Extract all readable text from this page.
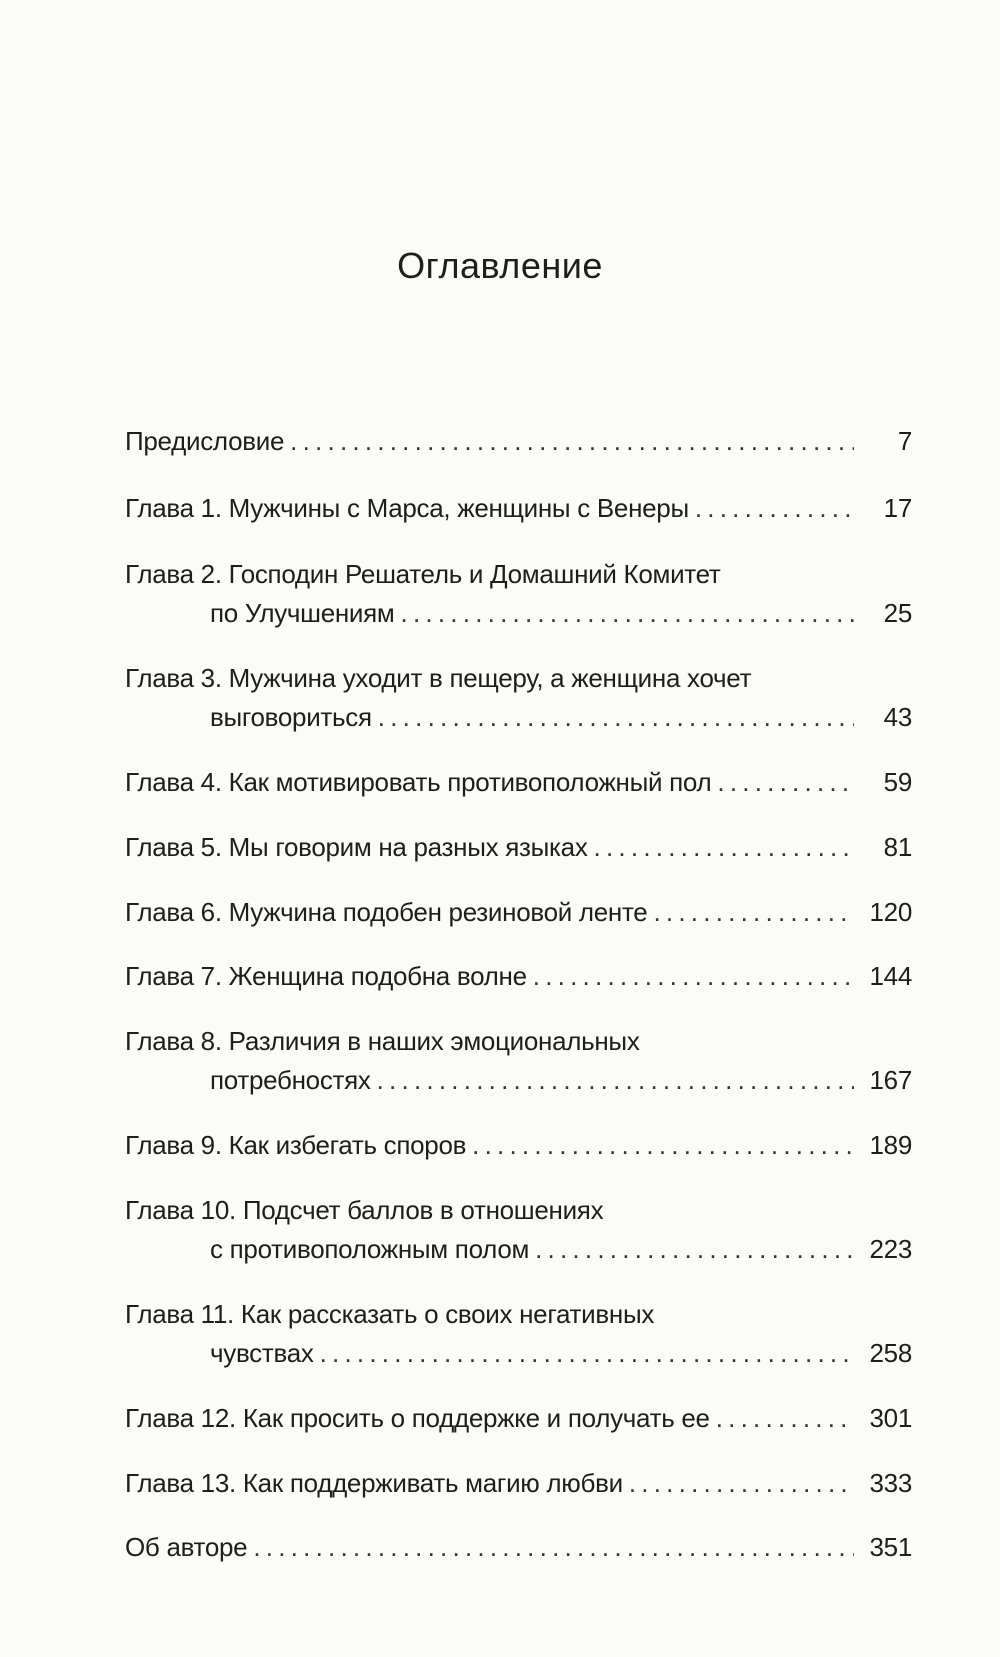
Оглавление
Предисловие . . .	7
Глава 1. Мужчины с Марса, женщины с Венеры . . .	17
Глава 2. Господин Решатель и Домашний Комитет
по Улучшениям . . .	25
Глава 3. Мужчина уходит в пещеру, а женщина хочет
выговориться . . .	43
Глава 4. Как мотивировать противоположный пол . . .	59
Глава 5. Мы говорим на разных языках . . .	81
Глава 6. Мужчина подобен резиновой ленте . . .	120
Глава 7. Женщина подобна волне . . .	144
Глава 8. Различия в наших эмоциональных
потребностях . . .	167
Глава 9. Как избегать споров . . .	189
Глава 10. Подсчет баллов в отношениях
с противоположным полом . . .	223
Глава 11. Как рассказать о своих негативных
чувствах . . .	258
Глава 12. Как просить о поддержке и получать ее . . .	301
Глава 13. Как поддерживать магию любви . . .	333
Об авторе . . .	351
